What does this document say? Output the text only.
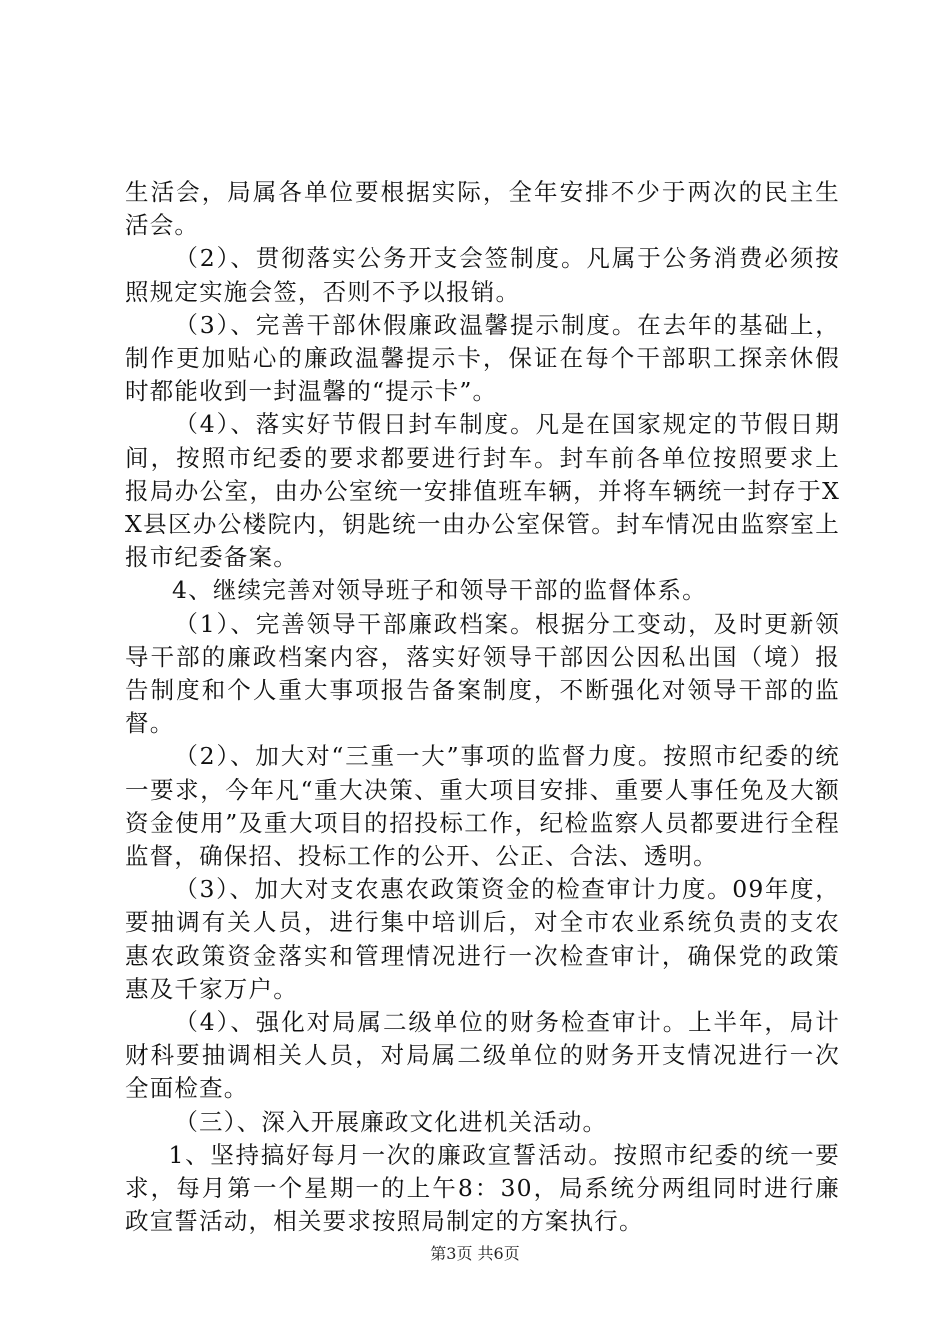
生活会，局属各单位要根据实际，全年安排不少于两次的民主生活会。

（2）、贯彻落实公务开支会签制度。凡属于公务消费必须按照规定实施会签，否则不予以报销。

（3）、完善干部休假廉政温馨提示制度。在去年的基础上，制作更加贴心的廉政温馨提示卡，保证在每个干部职工探亲休假时都能收到一封温馨的“提示卡”。

（4）、落实好节假日封车制度。凡是在国家规定的节假日期间，按照市纪委的要求都要进行封车。封车前各单位按照要求上报局办公室，由办公室统一安排值班车辆，并将车辆统一封存于XX县区办公楼院内，钥匙统一由办公室保管。封车情况由监察室上报市纪委备案。

4、继续完善对领导班子和领导干部的监督体系。

（1）、完善领导干部廉政档案。根据分工变动，及时更新领导干部的廉政档案内容，落实好领导干部因公因私出国（境）报告制度和个人重大事项报告备案制度，不断强化对领导干部的监督。

（2）、加大对“三重一大”事项的监督力度。按照市纪委的统一要求，今年凡“重大决策、重大项目安排、重要人事任免及大额资金使用”及重大项目的招投标工作，纪检监察人员都要进行全程监督，确保招、投标工作的公开、公正、合法、透明。

（3）、加大对支农惠农政策资金的检查审计力度。09年度，要抽调有关人员，进行集中培训后，对全市农业系统负责的支农惠农政策资金落实和管理情况进行一次检查审计，确保党的政策惠及千家万户。

（4）、强化对局属二级单位的财务检查审计。上半年，局计财科要抽调相关人员，对局属二级单位的财务开支情况进行一次全面检查。

（三）、深入开展廉政文化进机关活动。

1、坚持搞好每月一次的廉政宣誓活动。按照市纪委的统一要求，每月第一个星期一的上午8：30，局系统分两组同时进行廉政宣誓活动，相关要求按照局制定的方案执行。

第3页 共6页
